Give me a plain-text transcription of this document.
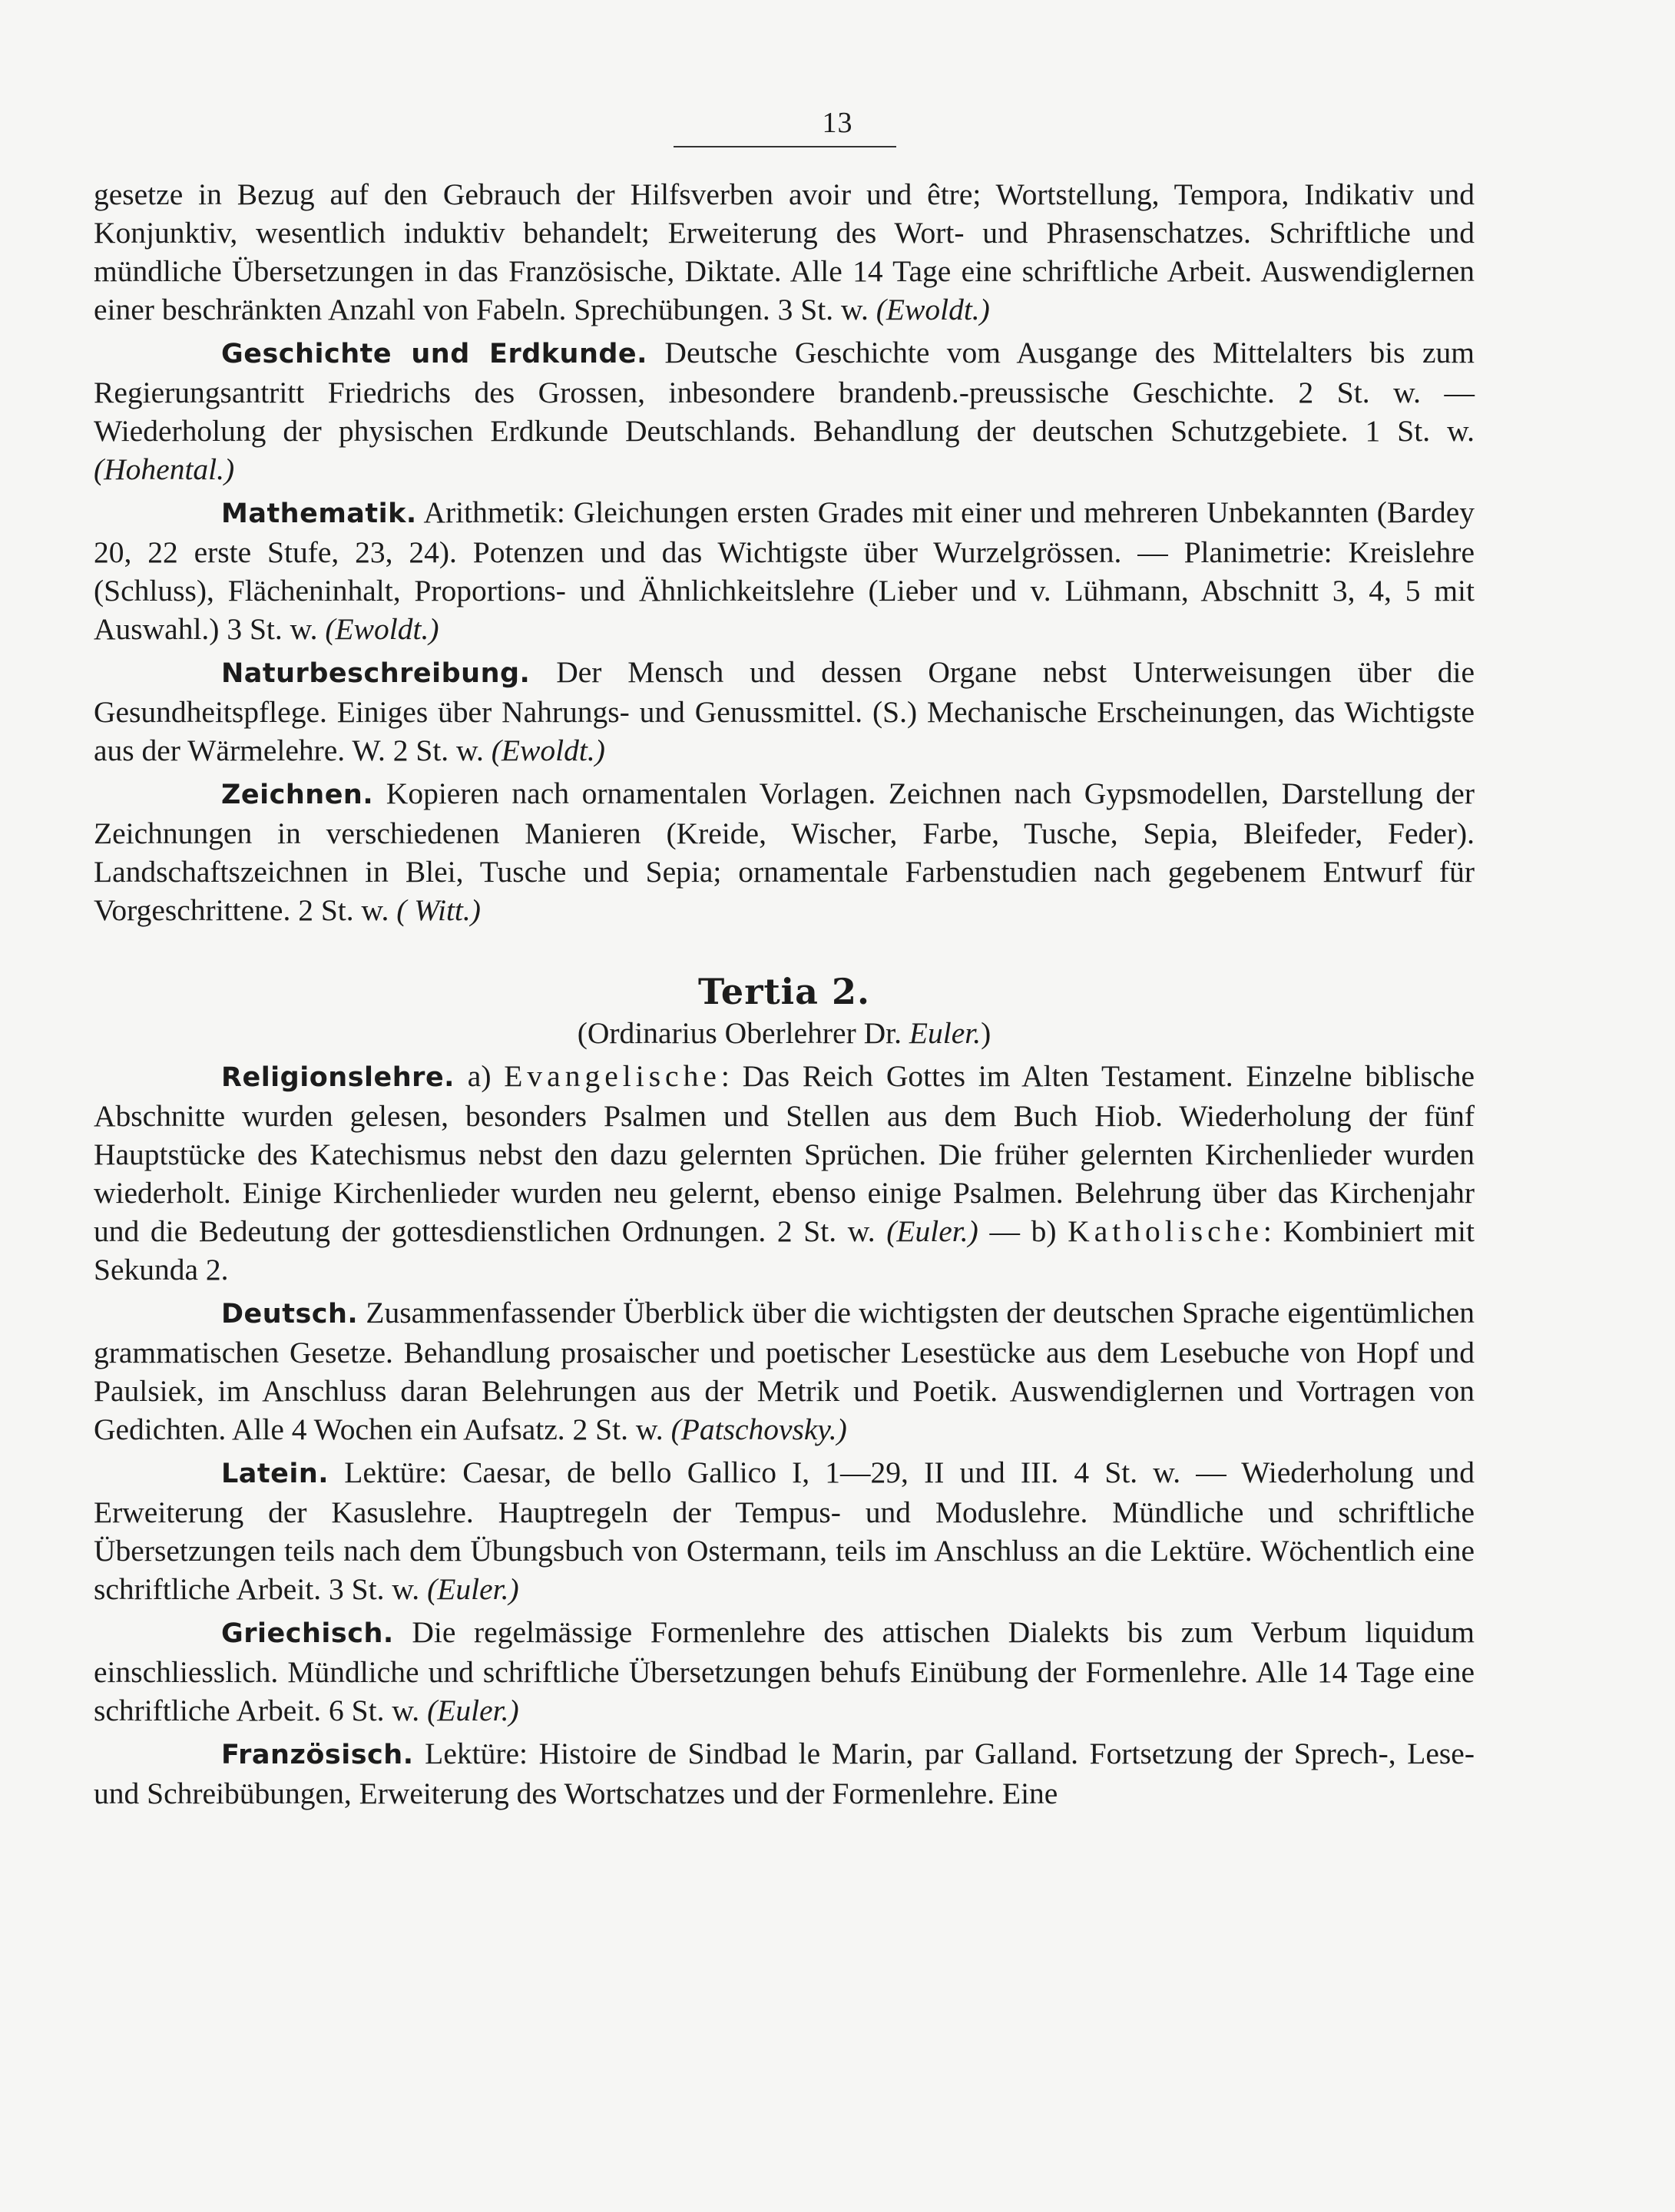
13

gesetze in Bezug auf den Gebrauch der Hilfsverben avoir und être; Wortstellung, Tempora, Indikativ und Konjunktiv, wesentlich induktiv behandelt; Erweiterung des Wort- und Phrasenschatzes. Schriftliche und mündliche Übersetzungen in das Französische, Diktate. Alle 14 Tage eine schriftliche Arbeit. Auswendiglernen einer beschränkten Anzahl von Fabeln. Sprechübungen. 3 St. w. (Ewoldt.)

Geschichte und Erdkunde. Deutsche Geschichte vom Ausgange des Mittelalters bis zum Regierungsantritt Friedrichs des Grossen, inbesondere brandenb.-preussische Geschichte. 2 St. w. — Wiederholung der physischen Erdkunde Deutschlands. Behandlung der deutschen Schutzgebiete. 1 St. w. (Hohental.)

Mathematik. Arithmetik: Gleichungen ersten Grades mit einer und mehreren Unbekannten (Bardey 20, 22 erste Stufe, 23, 24). Potenzen und das Wichtigste über Wurzelgrössen. — Planimetrie: Kreislehre (Schluss), Flächeninhalt, Proportions- und Ähnlichkeitslehre (Lieber und v. Lühmann, Abschnitt 3, 4, 5 mit Auswahl.) 3 St. w. (Ewoldt.)

Naturbeschreibung. Der Mensch und dessen Organe nebst Unterweisungen über die Gesundheitspflege. Einiges über Nahrungs- und Genussmittel. (S.) Mechanische Erscheinungen, das Wichtigste aus der Wärmelehre. W. 2 St. w. (Ewoldt.)

Zeichnen. Kopieren nach ornamentalen Vorlagen. Zeichnen nach Gypsmodellen, Darstellung der Zeichnungen in verschiedenen Manieren (Kreide, Wischer, Farbe, Tusche, Sepia, Bleifeder, Feder). Landschaftszeichnen in Blei, Tusche und Sepia; ornamentale Farbenstudien nach gegebenem Entwurf für Vorgeschrittene. 2 St. w. ( Witt.)

Tertia 2.
(Ordinarius Oberlehrer Dr. Euler.)

Religionslehre. a) Evangelische: Das Reich Gottes im Alten Testament. Einzelne biblische Abschnitte wurden gelesen, besonders Psalmen und Stellen aus dem Buch Hiob. Wiederholung der fünf Hauptstücke des Katechismus nebst den dazu gelernten Sprüchen. Die früher gelernten Kirchenlieder wurden wiederholt. Einige Kirchenlieder wurden neu gelernt, ebenso einige Psalmen. Belehrung über das Kirchenjahr und die Bedeutung der gottesdienstlichen Ordnungen. 2 St. w. (Euler.) — b) Katholische: Kombiniert mit Sekunda 2.

Deutsch. Zusammenfassender Überblick über die wichtigsten der deutschen Sprache eigentümlichen grammatischen Gesetze. Behandlung prosaischer und poetischer Lesestücke aus dem Lesebuche von Hopf und Paulsiek, im Anschluss daran Belehrungen aus der Metrik und Poetik. Auswendiglernen und Vortragen von Gedichten. Alle 4 Wochen ein Aufsatz. 2 St. w. (Patschovsky.)

Latein. Lektüre: Caesar, de bello Gallico I, 1—29, II und III. 4 St. w. — Wiederholung und Erweiterung der Kasuslehre. Hauptregeln der Tempus- und Moduslehre. Mündliche und schriftliche Übersetzungen teils nach dem Übungsbuch von Ostermann, teils im Anschluss an die Lektüre. Wöchentlich eine schriftliche Arbeit. 3 St. w. (Euler.)

Griechisch. Die regelmässige Formenlehre des attischen Dialekts bis zum Verbum liquidum einschliesslich. Mündliche und schriftliche Übersetzungen behufs Einübung der Formenlehre. Alle 14 Tage eine schriftliche Arbeit. 6 St. w. (Euler.)

Französisch. Lektüre: Histoire de Sindbad le Marin, par Galland. Fortsetzung der Sprech-, Lese- und Schreibübungen, Erweiterung des Wortschatzes und der Formenlehre. Eine
